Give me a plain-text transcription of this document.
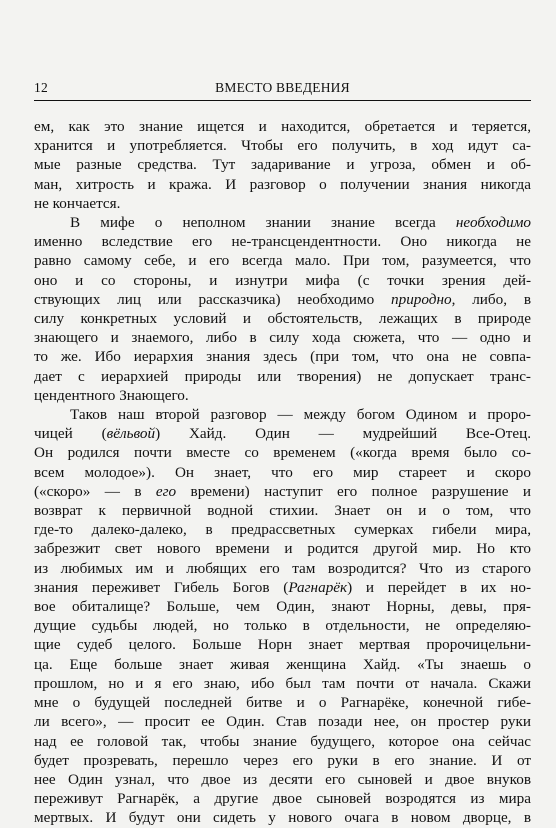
12	ВМЕСТО ВВЕДЕНИЯ
ем, как это знание ищется и находится, обретается и теряется,
хранится и употребляется. Чтобы его получить, в ход идут са-
мые разные средства. Тут задаривание и угроза, обмен и об-
ман, хитрость и кража. И разговор о получении знания никогда
не кончается.
В мифе о неполном знании знание всегда необходимо
именно вследствие его не-трансцендентности. Оно никогда не
равно самому себе, и его всегда мало. При том, разумеется, что
оно и со стороны, и изнутри мифа (с точки зрения дей-
ствующих лиц или рассказчика) необходимо природно, либо, в
силу конкретных условий и обстоятельств, лежащих в природе
знающего и знаемого, либо в силу хода сюжета, что — одно и
то же. Ибо иерархия знания здесь (при том, что она не совпа-
дает с иерархией природы или творения) не допускает транс-
цендентного Знающего.
Таков наш второй разговор — между богом Одином и проро-
чицей (вёльвой) Хайд. Один — мудрейший Все-Отец.
Он родился почти вместе со временем («когда время было со-
всем молодое»). Он знает, что его мир стареет и скоро
(«скоро» — в его времени) наступит его полное разрушение и
возврат к первичной водной стихии. Знает он и о том, что
где-то далеко-далеко, в предрассветных сумерках гибели мира,
забрезжит свет нового времени и родится другой мир. Но кто
из любимых им и любящих его там возродится? Что из старого
знания переживет Гибель Богов (Рагнарёк) и перейдет в их но-
вое обиталище? Больше, чем Один, знают Норны, девы, пря-
дущие судьбы людей, но только в отдельности, не определяю-
щие судеб целого. Больше Норн знает мертвая пророчицельни-
ца. Еще больше знает живая женщина Хайд. «Ты знаешь о
прошлом, но и я его знаю, ибо был там почти от начала. Скажи
мне о будущей последней битве и о Рагнарёке, конечной гибе-
ли всего», — просит ее Один. Став позади нее, он простер руки
над ее головой так, чтобы знание будущего, которое она сейчас
будет прозревать, перешло через его руки в его знание. И от
нее Один узнал, что двое из десяти его сыновей и двое внуков
переживут Рагнарёк, а другие двое сыновей возродятся из мира
мертвых. И будут они сидеть у нового очага в новом дворце, в
